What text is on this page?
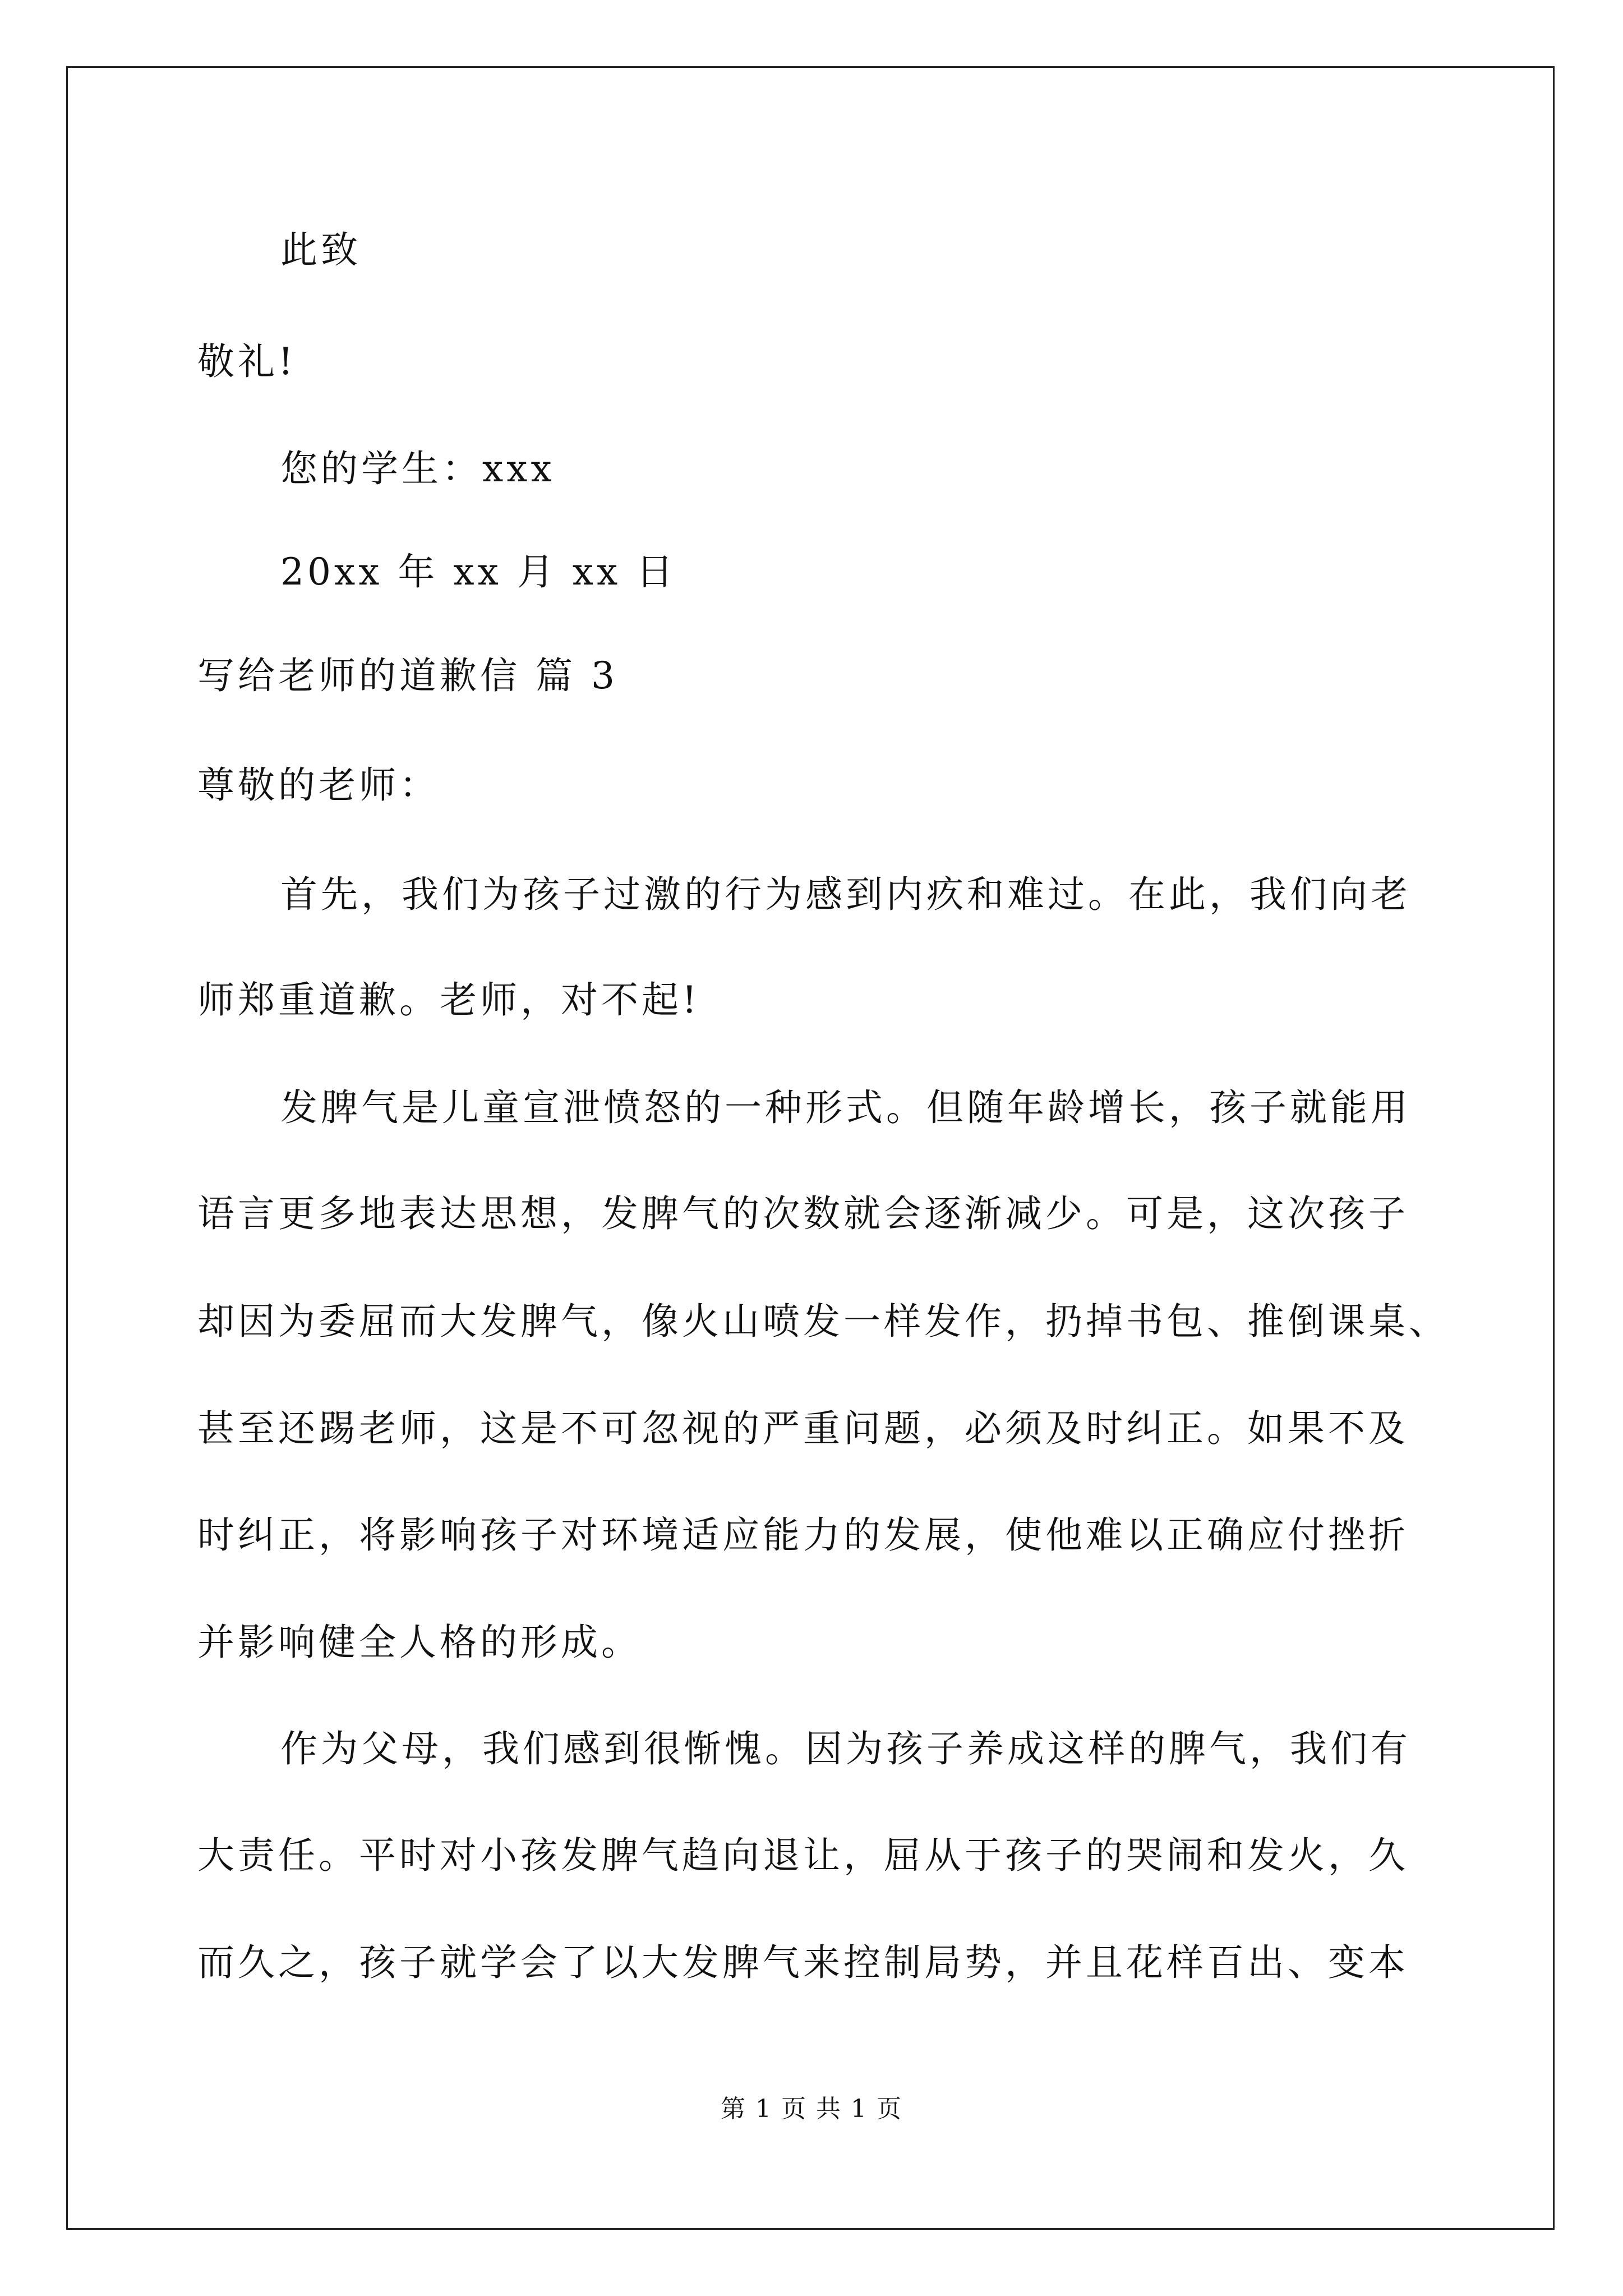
此致
敬礼!
您的学生：xxx
20xx 年 xx 月 xx 日
写给老师的道歉信 篇 3
尊敬的老师：
首先，我们为孩子过激的行为感到内疚和难过。在此，我们向老
师郑重道歉。老师，对不起!
发脾气是儿童宣泄愤怒的一种形式。但随年龄增长，孩子就能用
语言更多地表达思想，发脾气的次数就会逐渐减少。可是，这次孩子
却因为委屈而大发脾气，像火山喷发一样发作，扔掉书包、推倒课桌、
甚至还踢老师，这是不可忽视的严重问题，必须及时纠正。如果不及
时纠正，将影响孩子对环境适应能力的发展，使他难以正确应付挫折
并影响健全人格的形成。
作为父母，我们感到很惭愧。因为孩子养成这样的脾气，我们有
大责任。平时对小孩发脾气趋向退让，屈从于孩子的哭闹和发火，久
而久之，孩子就学会了以大发脾气来控制局势，并且花样百出、变本
第 1 页 共 1 页
